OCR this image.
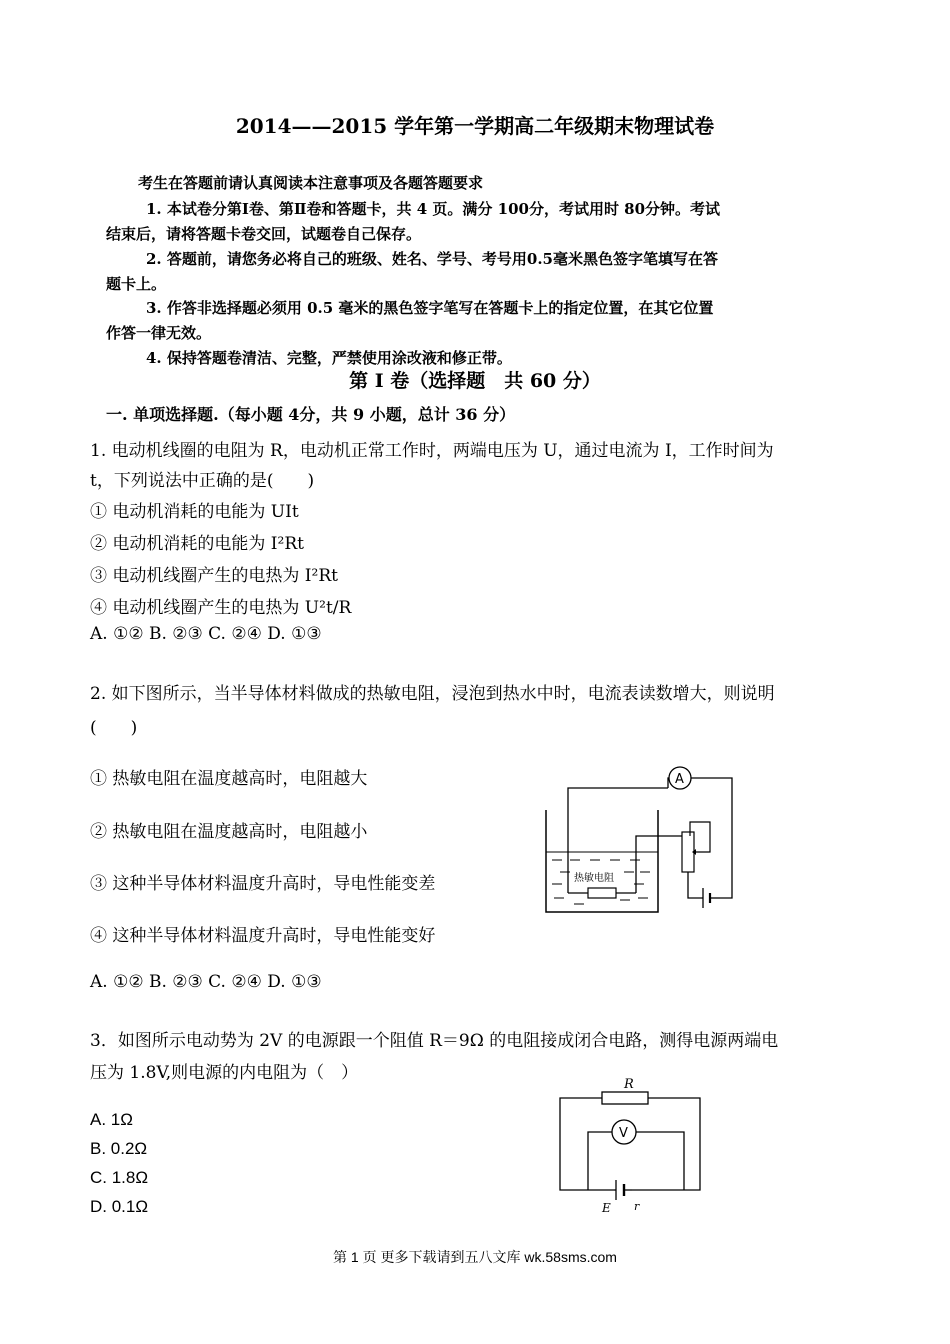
2014——2015 学年第一学期高二年级期末物理试卷
考生在答题前请认真阅读本注意事项及各题答题要求
1. 本试卷分第Ⅰ卷、第Ⅱ卷和答题卡，共 4 页。满分 100分，考试用时 80分钟。考试
结束后，请将答题卡卷交回，试题卷自己保存。
2. 答题前，请您务必将自己的班级、姓名、学号、考号用0.5毫米黑色签字笔填写在答
题卡上。
3. 作答非选择题必须用 0.5 毫米的黑色签字笔写在答题卡上的指定位置，在其它位置
作答一律无效。
4. 保持答题卷清洁、完整，严禁使用涂改液和修正带。
第 I 卷（选择题　共 60 分）
一. 单项选择题.（每小题 4分，共 9 小题，总计 36 分）
1. 电动机线圈的电阻为 R，电动机正常工作时，两端电压为 U，通过电流为 I，工作时间为
t，下列说法中正确的是(　　)
① 电动机消耗的电能为 UIt
② 电动机消耗的电能为 I²Rt
③ 电动机线圈产生的电热为 I²Rt
④ 电动机线圈产生的电热为 U²t/R
A. ①② B. ②③ C. ②④ D. ①③
2. 如下图所示，当半导体材料做成的热敏电阻，浸泡到热水中时，电流表读数增大，则说明
(　　)
① 热敏电阻在温度越高时，电阻越大
② 热敏电阻在温度越高时，电阻越小
③ 这种半导体材料温度升高时，导电性能变差
④ 这种半导体材料温度升高时，导电性能变好
A. ①② B. ②③ C. ②④ D. ①③
热敏电阻
A
3．如图所示电动势为 2V 的电源跟一个阻值 R＝9Ω 的电阻接成闭合电路，测得电源两端电
压为 1.8V,则电源的内电阻为（　）
A. 1Ω
B. 0.2Ω
C. 1.8Ω
D. 0.1Ω
R
V
E r
第 1 页 更多下载请到五八文库 wk.58sms.com
